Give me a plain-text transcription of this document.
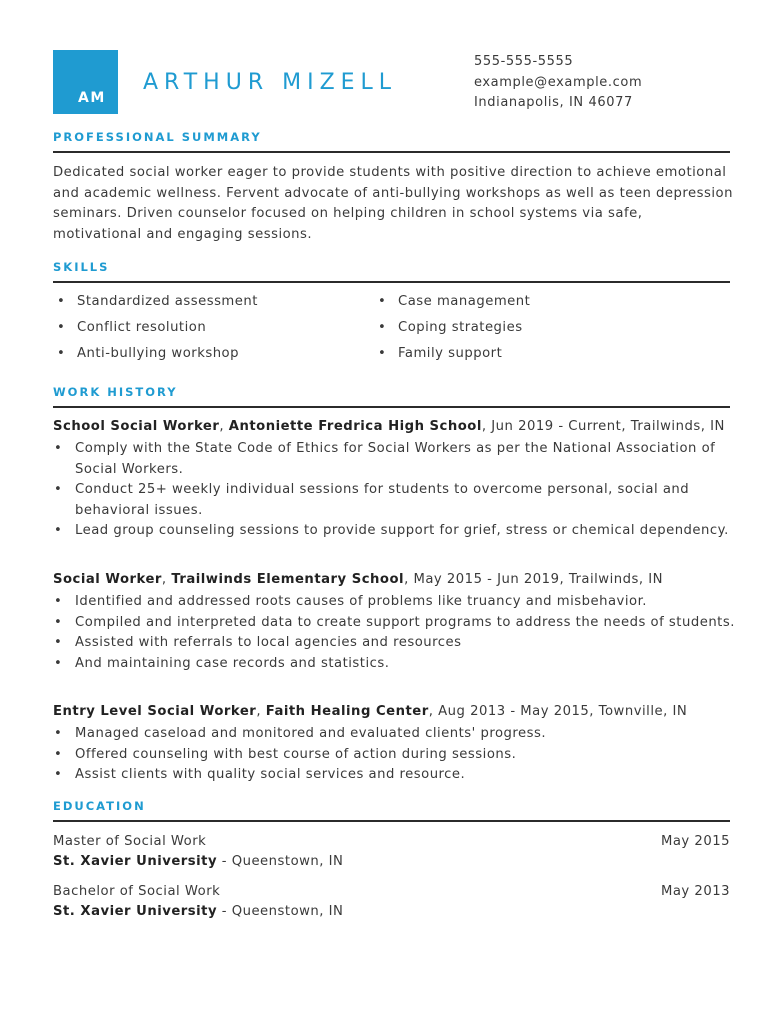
AM
ARTHUR MIZELL
555-555-5555
example@example.com
Indianapolis, IN 46077
PROFESSIONAL SUMMARY
Dedicated social worker eager to provide students with positive direction to achieve emotional and academic wellness. Fervent advocate of anti-bullying workshops as well as teen depression seminars. Driven counselor focused on helping children in school systems via safe, motivational and engaging sessions.
SKILLS
• Standardized assessment
• Conflict resolution
• Anti-bullying workshop
• Case management
• Coping strategies
• Family support
WORK HISTORY
School Social Worker, Antoniette Fredrica High School, Jun 2019 - Current, Trailwinds, IN
• Comply with the State Code of Ethics for Social Workers as per the National Association of Social Workers.
• Conduct 25+ weekly individual sessions for students to overcome personal, social and behavioral issues.
• Lead group counseling sessions to provide support for grief, stress or chemical dependency.
Social Worker, Trailwinds Elementary School, May 2015 - Jun 2019, Trailwinds, IN
• Identified and addressed roots causes of problems like truancy and misbehavior.
• Compiled and interpreted data to create support programs to address the needs of students.
• Assisted with referrals to local agencies and resources
• And maintaining case records and statistics.
Entry Level Social Worker, Faith Healing Center, Aug 2013 - May 2015, Townville, IN
• Managed caseload and monitored and evaluated clients' progress.
• Offered counseling with best course of action during sessions.
• Assist clients with quality social services and resource.
EDUCATION
Master of Social Work	May 2015
St. Xavier University - Queenstown, IN
Bachelor of Social Work	May 2013
St. Xavier University - Queenstown, IN
